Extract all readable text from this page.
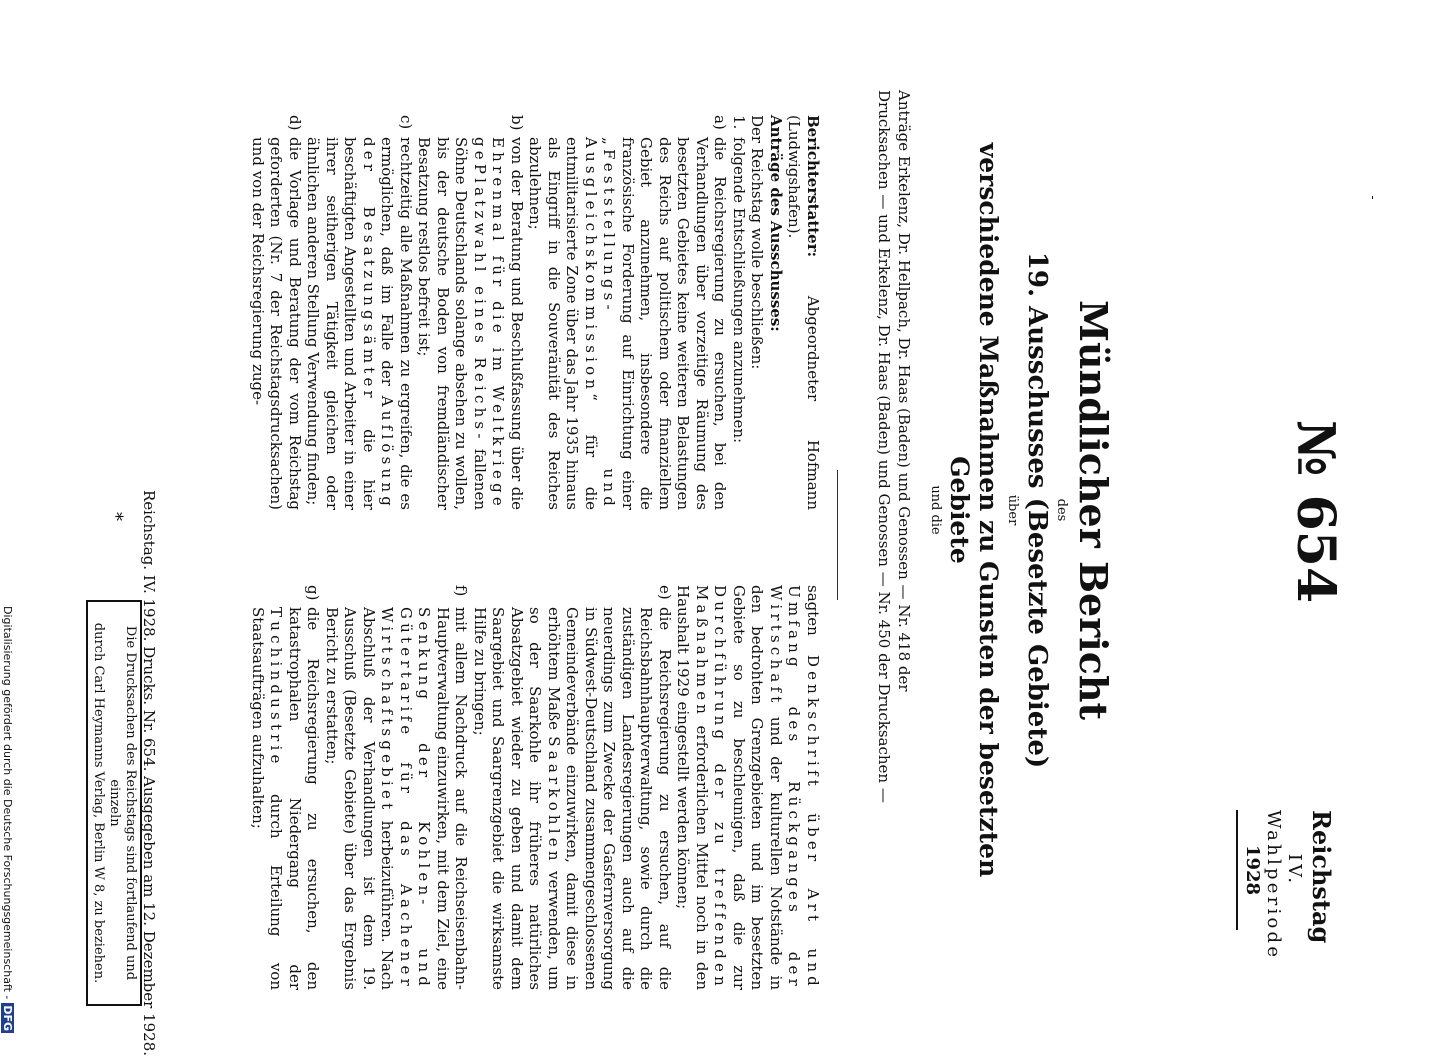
Reichstag
IV. Wahlperiode
1928
№ 654
Mündlicher Bericht
des
19. Ausschusses (Besetzte Gebiete)
über
verschiedene Maßnahmen zu Gunsten der besetzten Gebiete
und die
Anträge Erkelenz, Dr. Hellpach, Dr. Haas (Baden) und Genossen — Nr. 418 der
Drucksachen — und Erkelenz, Dr. Haas (Baden) und Genossen — Nr. 450 der Drucksachen —

Berichterstatter: Abgeordneter Hofmann (Ludwigshafen).

Anträge des Ausschusses:

Der Reichstag wolle beschließen:

1.
folgende Entschließungen anzunehmen:
a)
die Reichsregierung zu ersuchen, bei den Verhandlungen über vorzeitige Räumung des besetzten Gebietes keine weiteren Belastungen des Reichs auf politischem oder finanziellem Gebiet anzunehmen, insbesondere die französische Forderung auf Einrichtung einer „Feststellungs- und Ausgleichskommission“ für die entmilitarisierte Zone über das Jahr 1935 hinaus als Eingriff in die Souveränität des Reiches abzulehnen;
b)
von der Beratung und Beschlußfassung über die Ehrenmal für die im Weltkriege gePlatzwahl eines Reichs- fallenen Söhne Deutschlands solange absehen zu wollen, bis der deutsche Boden von fremdländischer Besatzung restlos befreit ist;
c)
rechtzeitig alle Maßnahmen zu ergreifen, die es ermöglichen, daß im Falle der Auflösung der Besatzungsämter die hier beschäftigten Angestellten und Arbeiter in einer ihrer seitherigen Tätigkeit gleichen oder ähnlichen anderen Stellung Verwendung finden;
d)
die Vorlage und Beratung der vom Reichstag geforderten (Nr. 7 der Reichstagsdrucksachen) und von der Reichsregierung zuge-

sagten Denkschrift über Art und Umfang des Rückganges der Wirtschaft und der kulturellen Notstände in den bedrohten Grenzgebieten und im besetzten Gebiete so zu beschleunigen, daß die zur Durchführung der zu treffenden Maßnahmen erforderlichen Mittel noch in den Haushalt 1929 eingestellt werden können;

e)
die Reichsregierung zu ersuchen, auf die Reichsbahnhauptverwaltung, sowie durch die zuständigen Landesregierungen auch auf die neuerdings zum Zwecke der Gasfernversorgung in Südwest-Deutschland zusammengeschlossenen Gemeindeverbände einzuwirken, damit diese in erhöhtem Maße Saarkohlen verwenden, um so der Saarkohle ihr früheres natürliches Absatzgebiet wieder zu geben und damit dem Saargebiet und Saargrenzgebiet die wirksamste Hilfe zu bringen;
f)
mit allem Nachdruck auf die Reichseisenbahn-Hauptverwaltung einzuwirken, mit dem Ziel, eine Senkung der Kohlen- und Gütertarife für das Aachener Wirtschaftsgebiet herbeizuführen. Nach Abschluß der Verhandlungen ist dem 19. Ausschuß (Besetzte Gebiete) über das Ergebnis Bericht zu erstatten;
g)
die Reichsregierung zu ersuchen, den katastrophalen Niedergang der Tuchindustrie durch Erteilung von Staatsaufträgen aufzuhalten;
Reichstag. IV. 1928. Drucks. Nr. 654. Ausgegeben am 12. Dezember 1928.
*
Die Drucksachen des Reichstags sind fortlaufend und einzeln
durch Carl Heymanns Verlag, Berlin W 8, zu beziehen.
Digitalisierung gefördert durch die Deutsche Forschungsgemeinschaft -DFG
